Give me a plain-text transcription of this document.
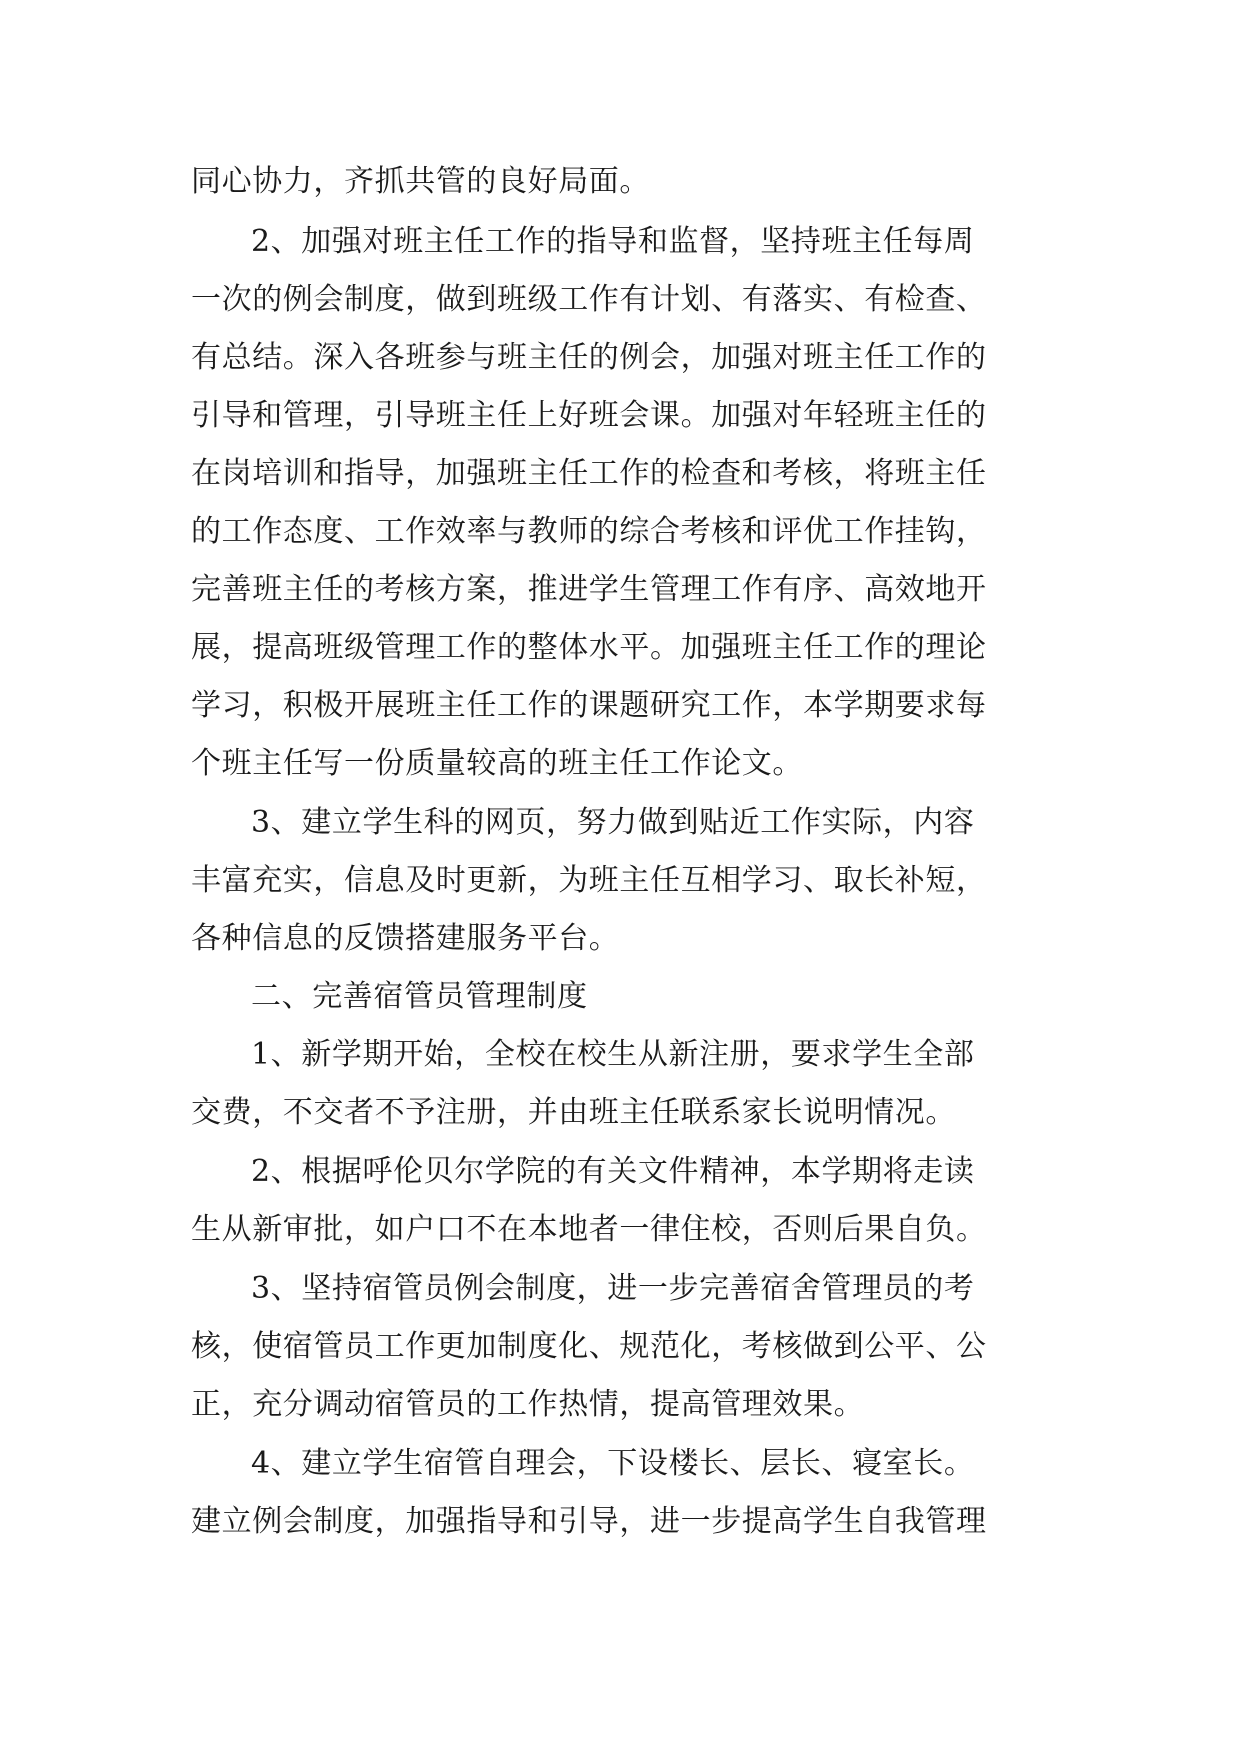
同心协力，齐抓共管的良好局面。
2、加强对班主任工作的指导和监督，坚持班主任每周
一次的例会制度，做到班级工作有计划、有落实、有检查、
有总结。深入各班参与班主任的例会，加强对班主任工作的
引导和管理，引导班主任上好班会课。加强对年轻班主任的
在岗培训和指导，加强班主任工作的检查和考核，将班主任
的工作态度、工作效率与教师的综合考核和评优工作挂钩，
完善班主任的考核方案，推进学生管理工作有序、高效地开
展，提高班级管理工作的整体水平。加强班主任工作的理论
学习，积极开展班主任工作的课题研究工作，本学期要求每
个班主任写一份质量较高的班主任工作论文。
3、建立学生科的网页，努力做到贴近工作实际，内容
丰富充实，信息及时更新，为班主任互相学习、取长补短，
各种信息的反馈搭建服务平台。
二、完善宿管员管理制度
1、新学期开始，全校在校生从新注册，要求学生全部
交费，不交者不予注册，并由班主任联系家长说明情况。
2、根据呼伦贝尔学院的有关文件精神，本学期将走读
生从新审批，如户口不在本地者一律住校，否则后果自负。
3、坚持宿管员例会制度，进一步完善宿舍管理员的考
核，使宿管员工作更加制度化、规范化，考核做到公平、公
正，充分调动宿管员的工作热情，提高管理效果。
4、建立学生宿管自理会，下设楼长、层长、寝室长。
建立例会制度，加强指导和引导，进一步提高学生自我管理
